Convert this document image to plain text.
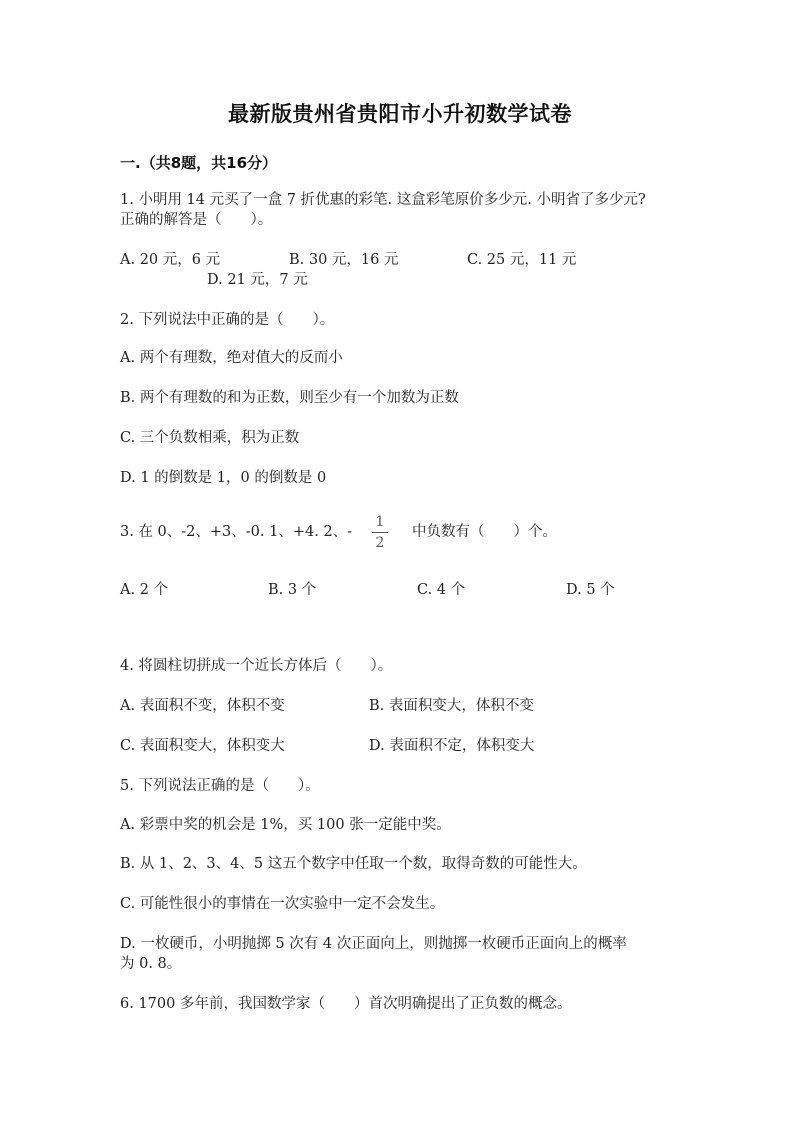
最新版贵州省贵阳市小升初数学试卷
一.（共8题，共16分）
1. 小明用 14 元买了一盒 7 折优惠的彩笔. 这盒彩笔原价多少元. 小明省了多少元?
正确的解答是（　　）。
A. 20 元，6 元	B. 30 元，16 元	C. 25 元，11 元
D. 21 元，7 元
2. 下列说法中正确的是（　　）。
A. 两个有理数，绝对值大的反而小
B. 两个有理数的和为正数，则至少有一个加数为正数
C. 三个负数相乘，积为正数
D. 1 的倒数是 1，0 的倒数是 0
3. 在 0、-2、+3、-0. 1、+4. 2、-
1
2
中负数有（　　）个。
A. 2 个	B. 3 个	C. 4 个	D. 5 个
4. 将圆柱切拼成一个近长方体后（　　）。
A. 表面积不变，体积不变	B. 表面积变大，体积不变
C. 表面积变大，体积变大	D. 表面积不定，体积变大
5. 下列说法正确的是（　　）。
A. 彩票中奖的机会是 1%，买 100 张一定能中奖。
B. 从 1、2、3、4、5 这五个数字中任取一个数，取得奇数的可能性大。
C. 可能性很小的事情在一次实验中一定不会发生。
D. 一枚硬币，小明抛掷 5 次有 4 次正面向上，则抛掷一枚硬币正面向上的概率
为 0. 8。
6. 1700 多年前，我国数学家（　　）首次明确提出了正负数的概念。
